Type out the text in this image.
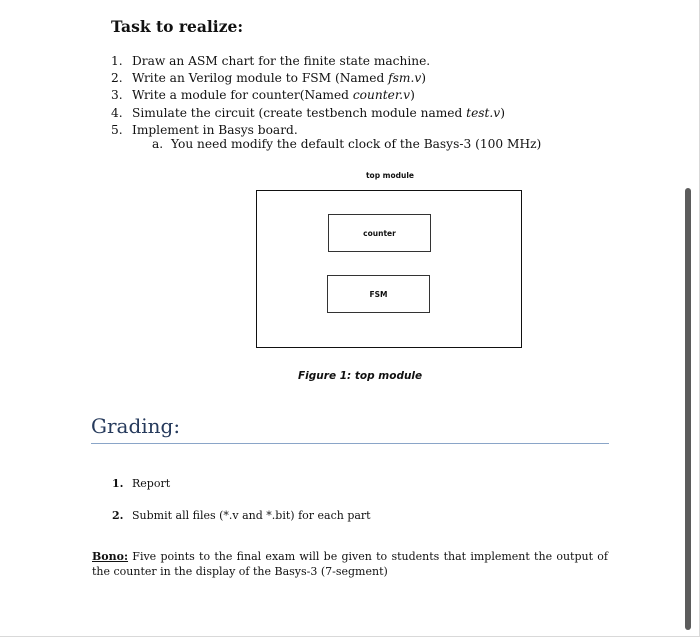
Task to realize:
1. Draw an ASM chart for the finite state machine.
2. Write an Verilog module to FSM (Named fsm.v)
3. Write a module for counter(Named counter.v)
4. Simulate the circuit (create testbench module named test.v)
5. Implement in Basys board.
a. You need modify the default clock of the Basys-3 (100 MHz)
top module
counter
FSM
Figure 1: top module
Grading:
1. Report
2. Submit all files (*.v and *.bit) for each part

Bono: Five points to the final exam will be given to students that implement the output of the counter in the display of the Basys-3 (7-segment)
